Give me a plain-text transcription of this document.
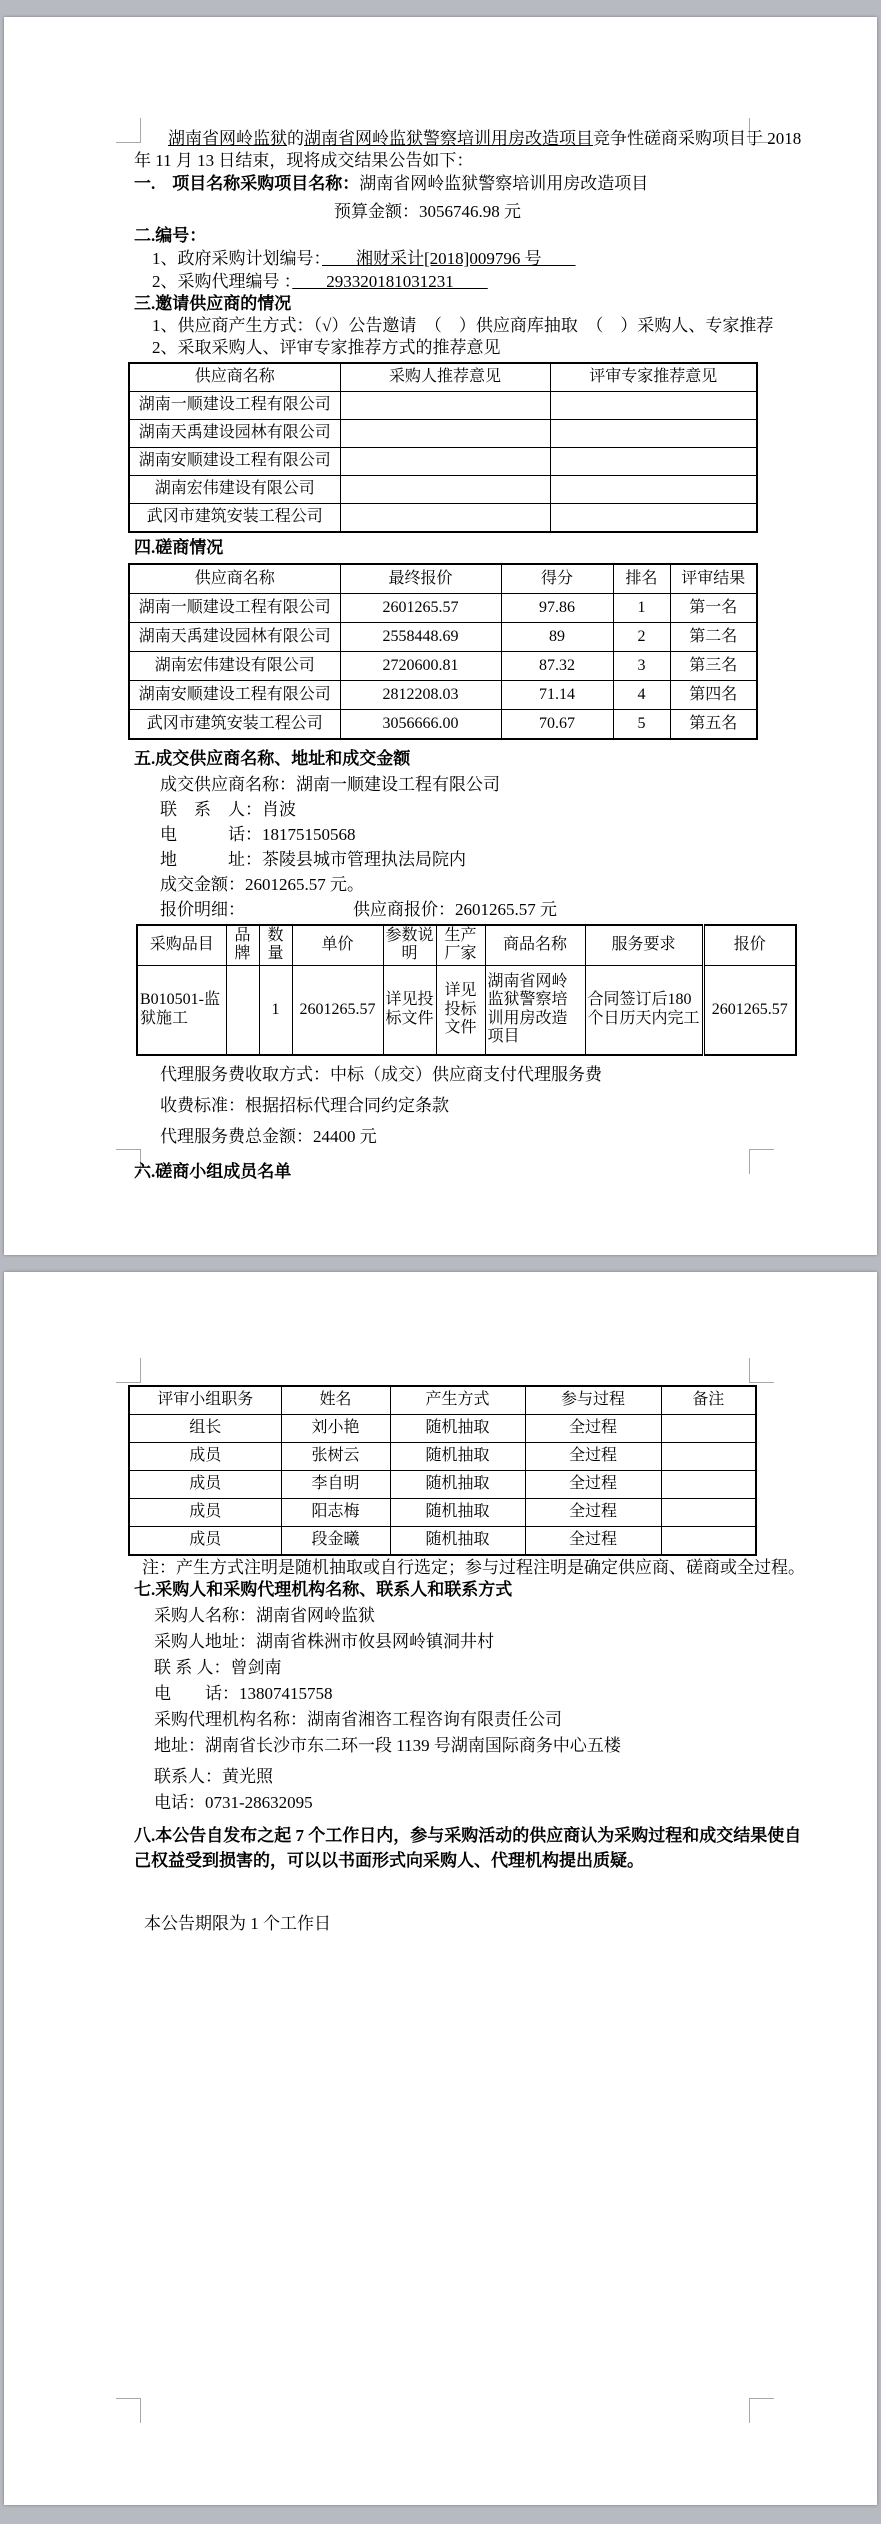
湖南省网岭监狱的湖南省网岭监狱警察培训用房改造项目竞争性磋商采购项目于 2018 年 11 月 13 日结束，现将成交结果公告如下：

一.　项目名称采购项目名称：湖南省网岭监狱警察培训用房改造项目

预算金额：3056746.98 元

二.编号：

1、政府采购计划编号：　　湘财采计[2018]009796 号　　

2、采购代理编号 ：　　293320181031231　　

三.邀请供应商的情况

1、供应商产生方式：（√）公告邀请　（　）供应商库抽取　（　）采购人、专家推荐

2、采取采购人、评审专家推荐方式的推荐意见

供应商名称	采购人推荐意见	评审专家推荐意见
湖南一顺建设工程有限公司		
湖南天禹建设园林有限公司		
湖南安顺建设工程有限公司		
湖南宏伟建设有限公司		
武冈市建筑安装工程公司		

四.磋商情况

供应商名称	最终报价	得分	排名	评审结果
湖南一顺建设工程有限公司	2601265.57	97.86	1	第一名
湖南天禹建设园林有限公司	2558448.69	89	2	第二名
湖南宏伟建设有限公司	2720600.81	87.32	3	第三名
湖南安顺建设工程有限公司	2812208.03	71.14	4	第四名
武冈市建筑安装工程公司	3056666.00	70.67	5	第五名

五.成交供应商名称、地址和成交金额

成交供应商名称：湖南一顺建设工程有限公司

联　系　人：肖波

电　　　话：18175150568

地　　　址：茶陵县城市管理执法局院内

成交金额：2601265.57 元。

报价明细：	供应商报价：2601265.57 元

采购品目	品牌	数量	单价	参数说明	生产厂家	商品名称	服务要求	报价
B010501-监狱施工		1	2601265.57	详见投标文件	详见投标文件	湖南省网岭监狱警察培训用房改造项目	合同签订后180 个日历天内完工	2601265.57

代理服务费收取方式：中标（成交）供应商支付代理服务费

收费标准：根据招标代理合同约定条款

代理服务费总金额：24400 元

六.磋商小组成员名单

评审小组职务	姓名	产生方式	参与过程	备注
组长	刘小艳	随机抽取	全过程	
成员	张树云	随机抽取	全过程	
成员	李自明	随机抽取	全过程	
成员	阳志梅	随机抽取	全过程	
成员	段金曦	随机抽取	全过程	

注：产生方式注明是随机抽取或自行选定；参与过程注明是确定供应商、磋商或全过程。

七.采购人和采购代理机构名称、联系人和联系方式

采购人名称：湖南省网岭监狱

采购人地址：湖南省株洲市攸县网岭镇洞井村

联 系 人：曾剑南

电　　话：13807415758

采购代理机构名称：湖南省湘咨工程咨询有限责任公司

地址：湖南省长沙市东二环一段 1139 号湖南国际商务中心五楼

联系人：黄光照

电话：0731-28632095

八.本公告自发布之起 7 个工作日内，参与采购活动的供应商认为采购过程和成交结果使自己权益受到损害的，可以以书面形式向采购人、代理机构提出质疑。

本公告期限为 1 个工作日
